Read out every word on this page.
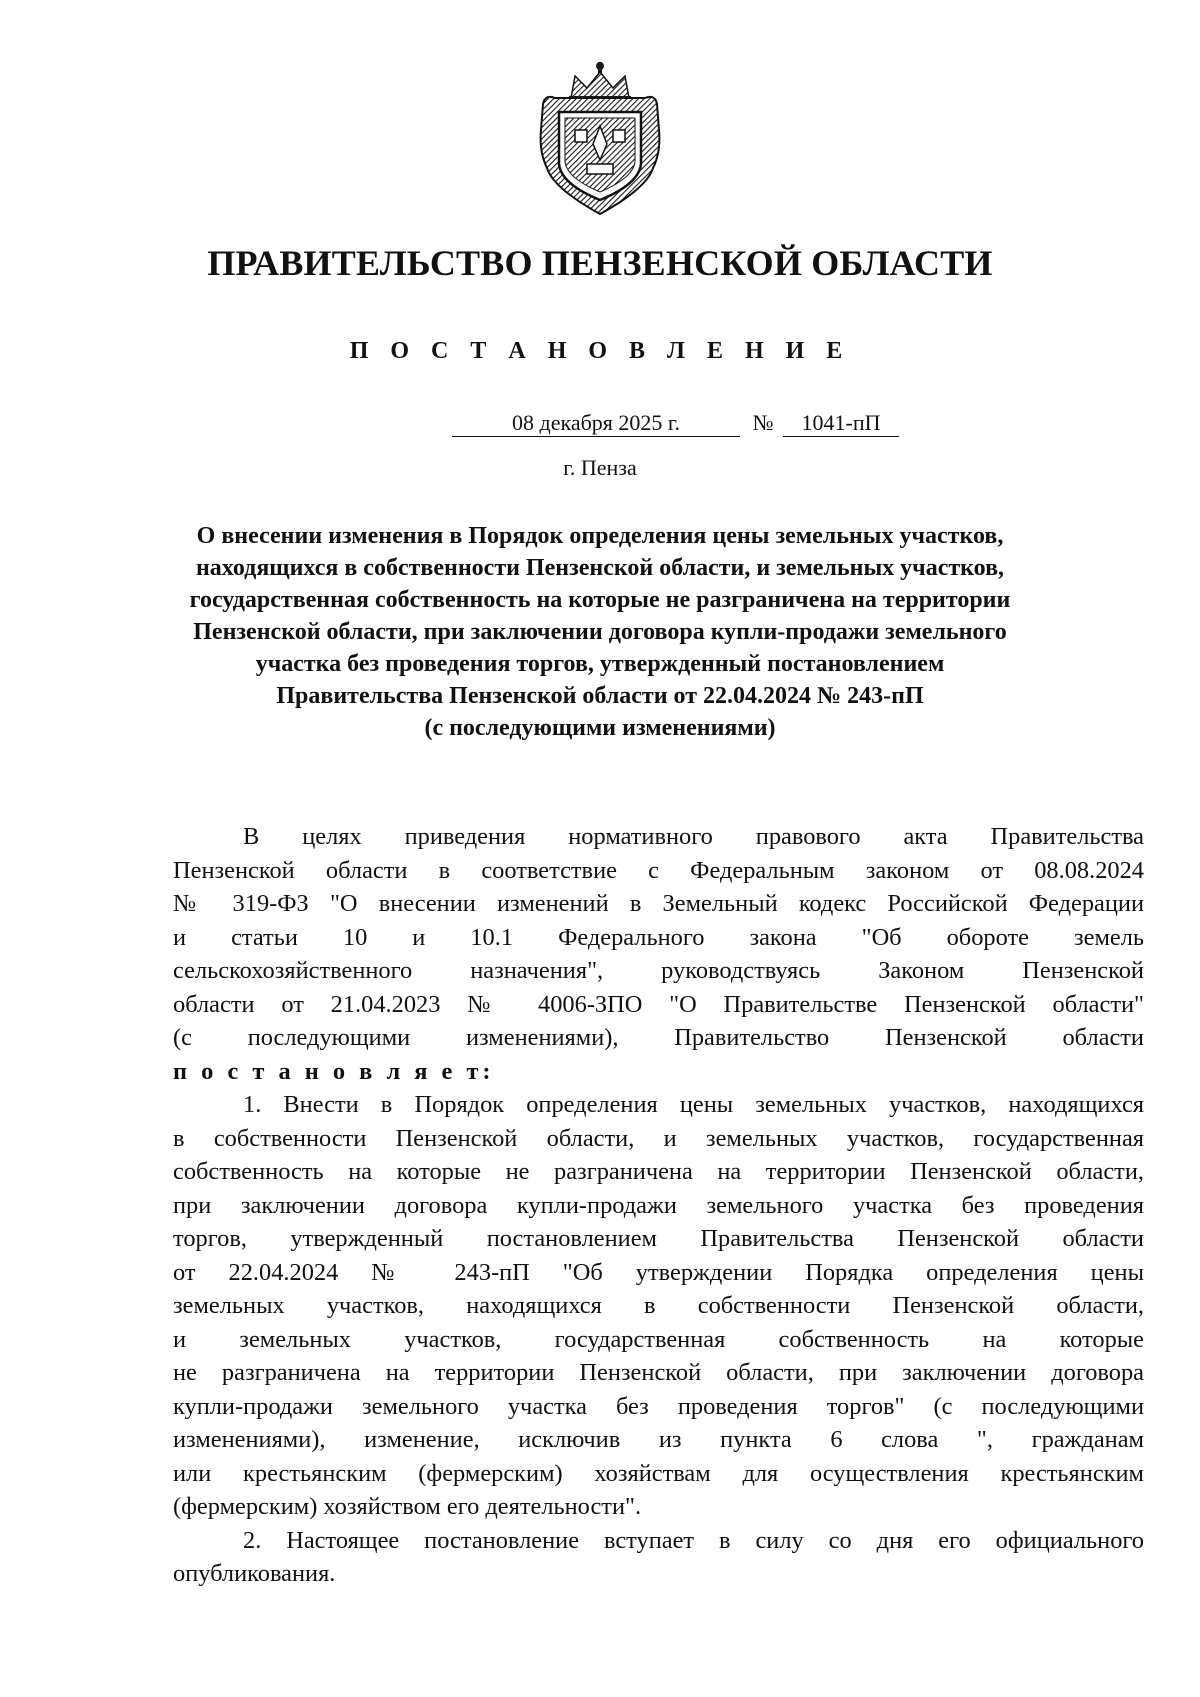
ПРАВИТЕЛЬСТВО ПЕНЗЕНСКОЙ ОБЛАСТИ
П О С Т А Н О В Л Е Н И Е
08 декабря 2025 г.	№	1041-пП
г. Пенза
О внесении изменения в Порядок определения цены земельных участков,
находящихся в собственности Пензенской области, и земельных участков,
государственная собственность на которые не разграничена на территории
Пензенской области, при заключении договора купли-продажи земельного
участка без проведения торгов, утвержденный постановлением
Правительства Пензенской области от 22.04.2024 № 243-пП
(с последующими изменениями)
В целях приведения нормативного правового акта Правительства
Пензенской области в соответствие с Федеральным законом от 08.08.2024
№ 319-ФЗ "О внесении изменений в Земельный кодекс Российской Федерации
и статьи 10 и 10.1 Федерального закона "Об обороте земель
сельскохозяйственного назначения", руководствуясь Законом Пензенской
области от 21.04.2023 № 4006-ЗПО "О Правительстве Пензенской области"
(с последующими изменениями), Правительство Пензенской области
п о с т а н о в л я е т:
1. Внести в Порядок определения цены земельных участков, находящихся
в собственности Пензенской области, и земельных участков, государственная
собственность на которые не разграничена на территории Пензенской области,
при заключении договора купли-продажи земельного участка без проведения
торгов, утвержденный постановлением Правительства Пензенской области
от 22.04.2024 № 243-пП "Об утверждении Порядка определения цены
земельных участков, находящихся в собственности Пензенской области,
и земельных участков, государственная собственность на которые
не разграничена на территории Пензенской области, при заключении договора
купли-продажи земельного участка без проведения торгов" (с последующими
изменениями), изменение, исключив из пункта 6 слова ", гражданам
или крестьянским (фермерским) хозяйствам для осуществления крестьянским
(фермерским) хозяйством его деятельности".
2. Настоящее постановление вступает в силу со дня его официального
опубликования.
